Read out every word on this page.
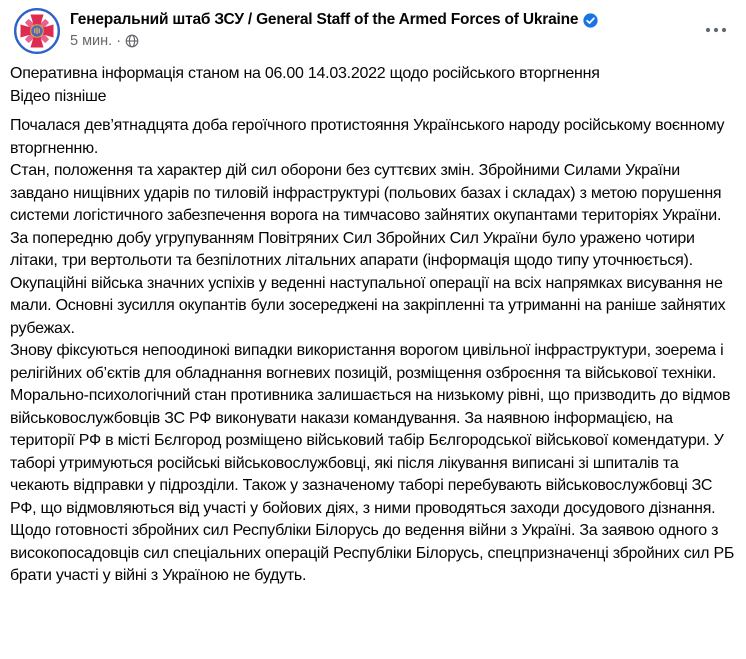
Генеральний штаб ЗСУ / General Staff of the Armed Forces of Ukraine
5 мин. ·
Оперативна інформація станом на 06.00 14.03.2022 щодо російського вторгнення
Відео пізніше
Почалася дев’ятнадцята доба героїчного протистояння Українського народу російському воєнному вторгненню.
Стан, положення та характер дій сил оборони без суттєвих змін. Збройними Силами України завдано нищівних ударів по тиловій інфраструктурі (польових базах і складах) з метою порушення системи логістичного забезпечення ворога на тимчасово зайнятих окупантами територіях України. За попередню добу угрупуванням Повітряних Сил Збройних Сил України було уражено чотири літаки, три вертольоти та безпілотних літальних апарати (інформація щодо типу уточнюється).
Окупаційні війська значних успіхів у веденні наступальної операції на всіх напрямках висування не мали. Основні зусилля окупантів були зосереджені на закріпленні та утриманні на раніше зайнятих рубежах.
Знову фіксуються непоодинокі випадки використання ворогом цивільної інфраструктури, зоерема і релігійних об’єктів для обладнання вогневих позицій, розміщення озброєння та військової техніки.
Морально-психологічний стан противника залишається на низькому рівні, що призводить до відмов військовослужбовців ЗС РФ виконувати накази командування. За наявною інформацією, на території РФ в місті Бєлгород розміщено військовий табір Бєлгородської військової комендатури. У таборі утримуються російські військовослужбовці, які після лікування виписані зі шпиталів та чекають відправки у підрозділи. Також у зазначеному таборі перебувають військовослужбовці ЗС РФ, що відмовляються від участі у бойових діях, з ними проводяться заходи досудового дізнання.
Щодо готовності збройних сил Республіки Білорусь до ведення війни з Україні. За заявою одного з високопосадовців сил спеціальних операцій Республіки Білорусь, спецпризначенці збройних сил РБ брати участі у війні з Україною не будуть.
